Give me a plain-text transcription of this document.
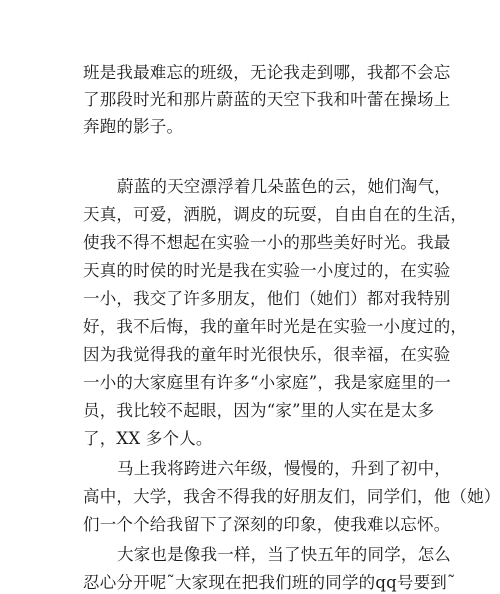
班是我最难忘的班级，无论我走到哪，我都不会忘
了那段时光和那片蔚蓝的天空下我和叶蕾在操场上
奔跑的影子。
蔚蓝的天空漂浮着几朵蓝色的云，她们淘气，
天真，可爱，洒脱，调皮的玩耍，自由自在的生活，
使我不得不想起在实验一小的那些美好时光。我最
天真的时侯的时光是我在实验一小度过的，在实验
一小，我交了许多朋友，他们（她们）都对我特别
好，我不后悔，我的童年时光是在实验一小度过的，
因为我觉得我的童年时光很快乐，很幸福，在实验
一小的大家庭里有许多“小家庭”，我是家庭里的一
员，我比较不起眼，因为“家”里的人实在是太多
了，XX 多个人。
马上我将跨进六年级，慢慢的，升到了初中，
高中，大学，我舍不得我的好朋友们，同学们，他（她）
们一个个给我留下了深刻的印象，使我难以忘怀。
大家也是像我一样，当了快五年的同学，怎么
忍心分开呢˜大家现在把我们班的同学的qq号要到˜
